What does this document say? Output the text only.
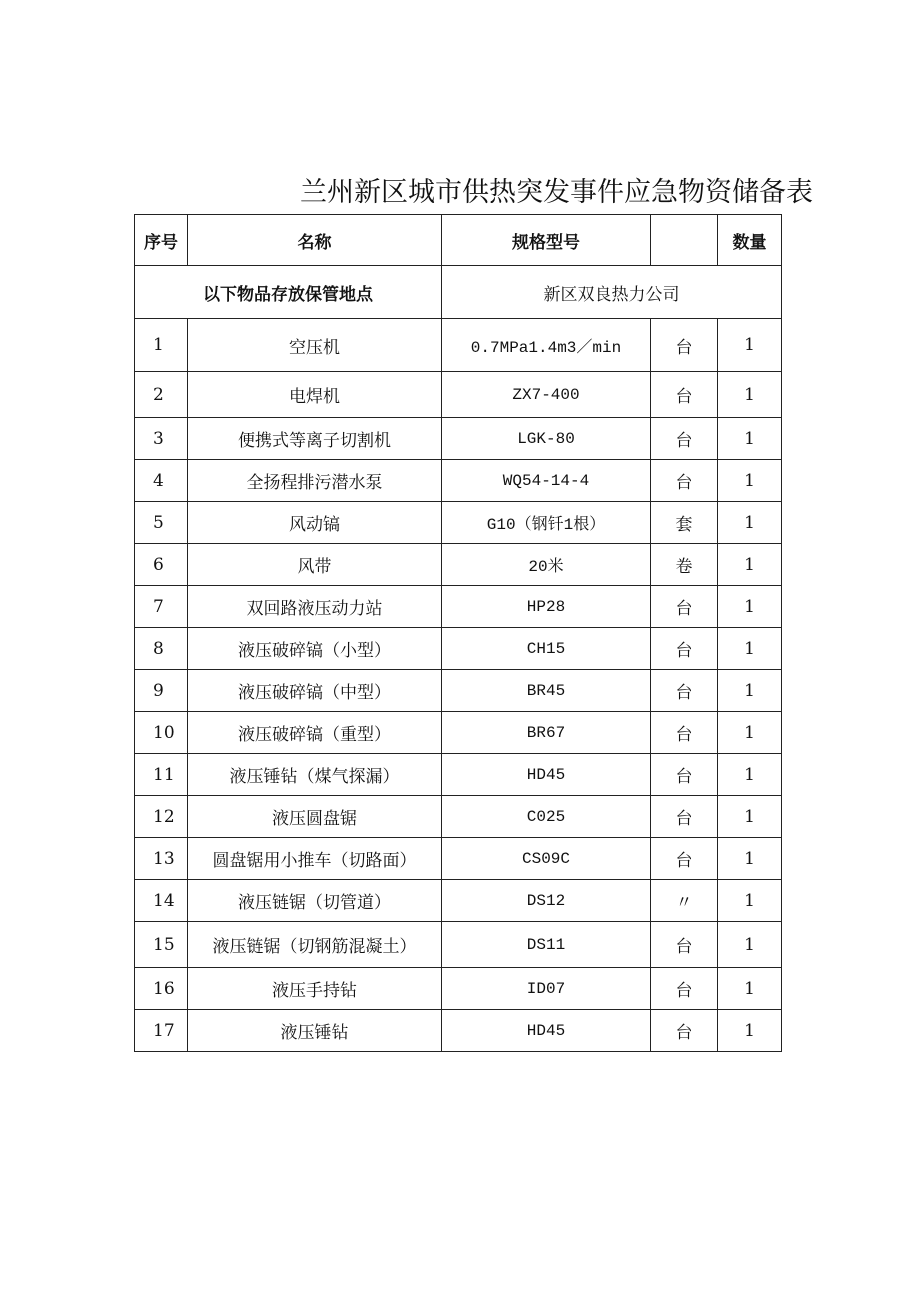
兰州新区城市供热突发事件应急物资储备表
序号	名称	规格型号		数量
以下物品存放保管地点		新区双良热力公司		
1	空压机	0.7MPa1.4m3／min	台	1
2	电焊机	ZX7-400	台	1
3	便携式等离子切割机	LGK-80	台	1
4	全扬程排污潜水泵	WQ54-14-4	台	1
5	风动镐	G10（钢钎1根）	套	1
6	风带	20米	卷	1
7	双回路液压动力站	HP28	台	1
8	液压破碎镐（小型）	CH15	台	1
9	液压破碎镐（中型）	BR45	台	1
10	液压破碎镐（重型）	BR67	台	1
11	液压锤钻（煤气探漏）	HD45	台	1
12	液压圆盘锯	C025	台	1
13	圆盘锯用小推车（切路面）	CS09C	台	1
14	液压链锯（切管道）	DS12	〃	1
15	液压链锯（切钢筋混凝土）	DS11	台	1
16	液压手持钻	ID07	台	1
17	液压锤钻	HD45	台	1
